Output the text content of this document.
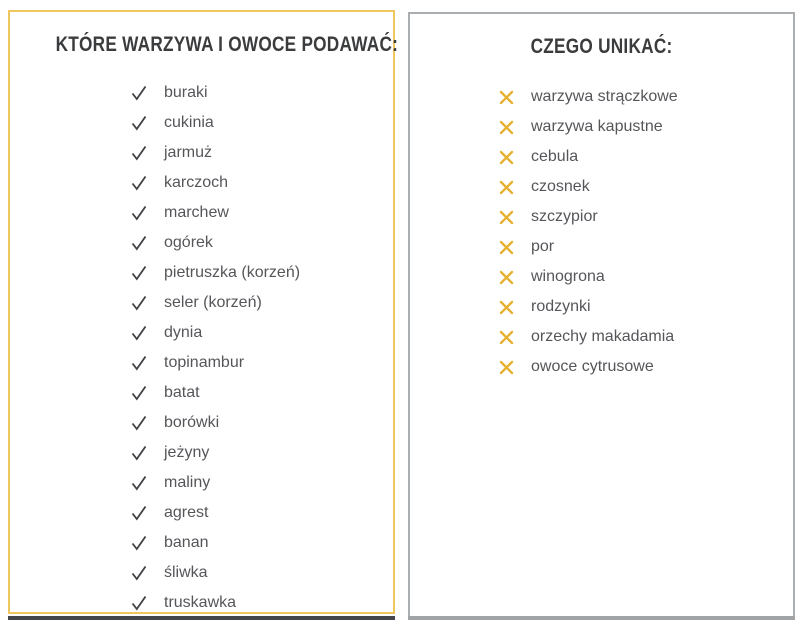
KTÓRE WARZYWA I OWOCE PODAWAĆ:
buraki
cukinia
jarmuż
karczoch
marchew
ogórek
pietruszka (korzeń)
seler (korzeń)
dynia
topinambur
batat
borówki
jeżyny
maliny
agrest
banan
śliwka
truskawka
CZEGO UNIKAĆ:
warzywa strączkowe
warzywa kapustne
cebula
czosnek
szczypior
por
winogrona
rodzynki
orzechy makadamia
owoce cytrusowe
